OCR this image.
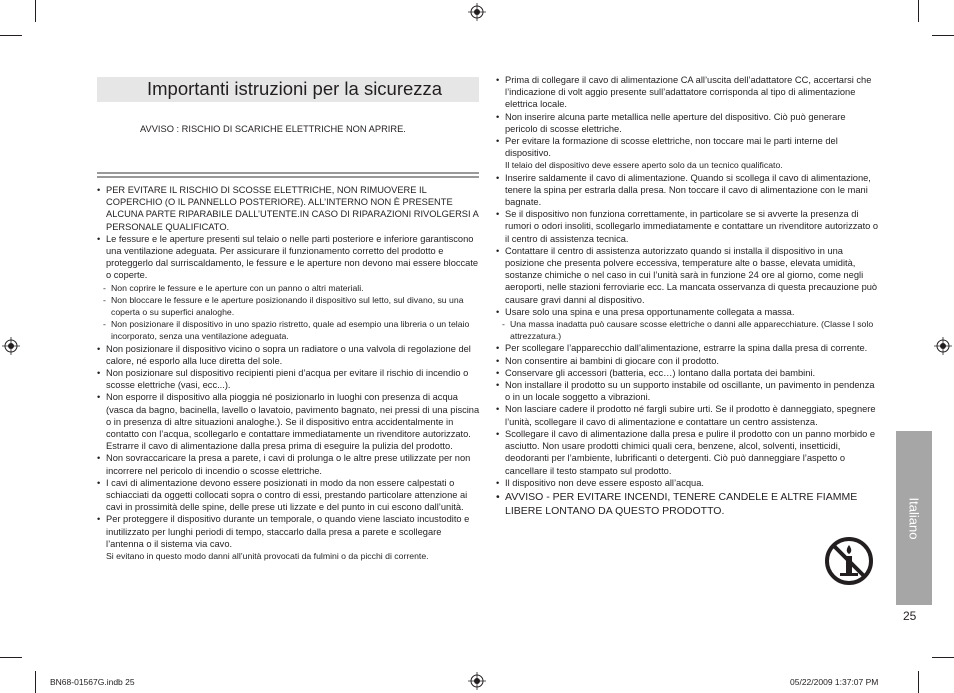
Importanti istruzioni per la sicurezza
AVVISO : RISCHIO DI SCARICHE ELETTRICHE NON APRIRE.
• PER EVITARE IL RISCHIO DI SCOSSE ELETTRICHE, NON RIMUOVERE IL COPERCHIO (O IL PANNELLO POSTERIORE). ALL’INTERNO NON È PRESENTE ALCUNA PARTE RIPARABILE DALL’UTENTE.IN CASO DI RIPARAZIONI RIVOLGERSI A PERSONALE QUALIFICATO.
• Le fessure e le aperture presenti sul telaio o nelle parti posteriore e inferiore garantiscono una ventilazione adeguata. Per assicurare il funzionamento corretto del prodotto e proteggerlo dal surriscaldamento, le fessure e le aperture non devono mai essere bloccate o coperte.
- Non coprire le fessure e le aperture con un panno o altri materiali.
- Non bloccare le fessure e le aperture posizionando il dispositivo sul letto, sul divano, su una coperta o su superfici analoghe.
- Non posizionare il dispositivo in uno spazio ristretto, quale ad esempio una libreria o un telaio incorporato, senza una ventilazione adeguata.
• Non posizionare il dispositivo vicino o sopra un radiatore o una valvola di regolazione del calore, né esporlo alla luce diretta del sole.
• Non posizionare sul dispositivo recipienti pieni d’acqua per evitare il rischio di incendio o scosse elettriche (vasi, ecc...).
• Non esporre il dispositivo alla pioggia né posizionarlo in luoghi con presenza di acqua (vasca da bagno, bacinella, lavello o lavatoio, pavimento bagnato, nei pressi di una piscina o in presenza di altre situazioni analoghe.). Se il dispositivo entra accidentalmente in contatto con l’acqua, scollegarlo e contattare immediatamente un rivenditore autorizzato. Estrarre il cavo di alimentazione dalla presa prima di eseguire la pulizia del prodotto.
• Non sovraccaricare la presa a parete, i cavi di prolunga o le altre prese utilizzate per non incorrere nel pericolo di incendio o scosse elettriche.
• I cavi di alimentazione devono essere posizionati in modo da non essere calpestati o schiacciati da oggetti collocati sopra o contro di essi, prestando particolare attenzione ai cavi in prossimità delle spine, delle prese uti lizzate e del punto in cui escono dall’unità.
• Per proteggere il dispositivo durante un temporale, o quando viene lasciato incustodito e inutilizzato per lunghi periodi di tempo, staccarlo dalla presa a parete e scollegare l’antenna o il sistema via cavo.
Si evitano in questo modo danni all’unità provocati da fulmini o da picchi di corrente.
• Prima di collegare il cavo di alimentazione CA all’uscita dell’adattatore CC, accertarsi che l’indicazione di volt aggio presente sull’adattatore corrisponda al tipo di alimentazione elettrica locale.
• Non inserire alcuna parte metallica nelle aperture del dispositivo. Ciò può generare pericolo di scosse elettriche.
• Per evitare la formazione di scosse elettriche, non toccare mai le parti interne del dispositivo.
Il telaio del dispositivo deve essere aperto solo da un tecnico qualificato.
• Inserire saldamente il cavo di alimentazione. Quando si scollega il cavo di alimentazione, tenere la spina per estrarla dalla presa. Non toccare il cavo di alimentazione con le mani bagnate.
• Se il dispositivo non funziona correttamente, in particolare se si avverte la presenza di rumori o odori insoliti, scollegarlo immediatamente e contattare un rivenditore autorizzato o il centro di assistenza tecnica.
• Contattare il centro di assistenza autorizzato quando si installa il dispositivo in una posizione che presenta polvere eccessiva, temperature alte o basse, elevata umidità, sostanze chimiche o nel caso in cui l’unità sarà in funzione 24 ore al giorno, come negli aeroporti, nelle stazioni ferroviarie ecc. La mancata osservanza di questa precauzione può causare gravi danni al dispositivo.
• Usare solo una spina e una presa opportunamente collegata a massa.
- Una massa inadatta può causare scosse elettriche o danni alle apparecchiature. (Classe l solo attrezzatura.)
• Per scollegare l’apparecchio dall’alimentazione, estrarre la spina dalla presa di corrente.
• Non consentire ai bambini di giocare con il prodotto.
• Conservare gli accessori (batteria, ecc…) lontano dalla portata dei bambini.
• Non installare il prodotto su un supporto instabile od oscillante, un pavimento in pendenza o in un locale soggetto a vibrazioni.
• Non lasciare cadere il prodotto né fargli subire urti. Se il prodotto è danneggiato, spegnere l’unità, scollegare il cavo di alimentazione e contattare un centro assistenza.
• Scollegare il cavo di alimentazione dalla presa e pulire il prodotto con un panno morbido e asciutto. Non usare prodotti chimici quali cera, benzene, alcol, solventi, insetticidi, deodoranti per l’ambiente, lubrificanti o detergenti. Ciò può danneggiare l’aspetto o cancellare il testo stampato sul prodotto.
• Il dispositivo non deve essere esposto all’acqua.
• AVVISO - PER EVITARE INCENDI, TENERE CANDELE E ALTRE FIAMME LIBERE LONTANO DA QUESTO PRODOTTO.	Italiano
25
BN68-01567G.indb 25	05/22/2009 1:37:07 PM
